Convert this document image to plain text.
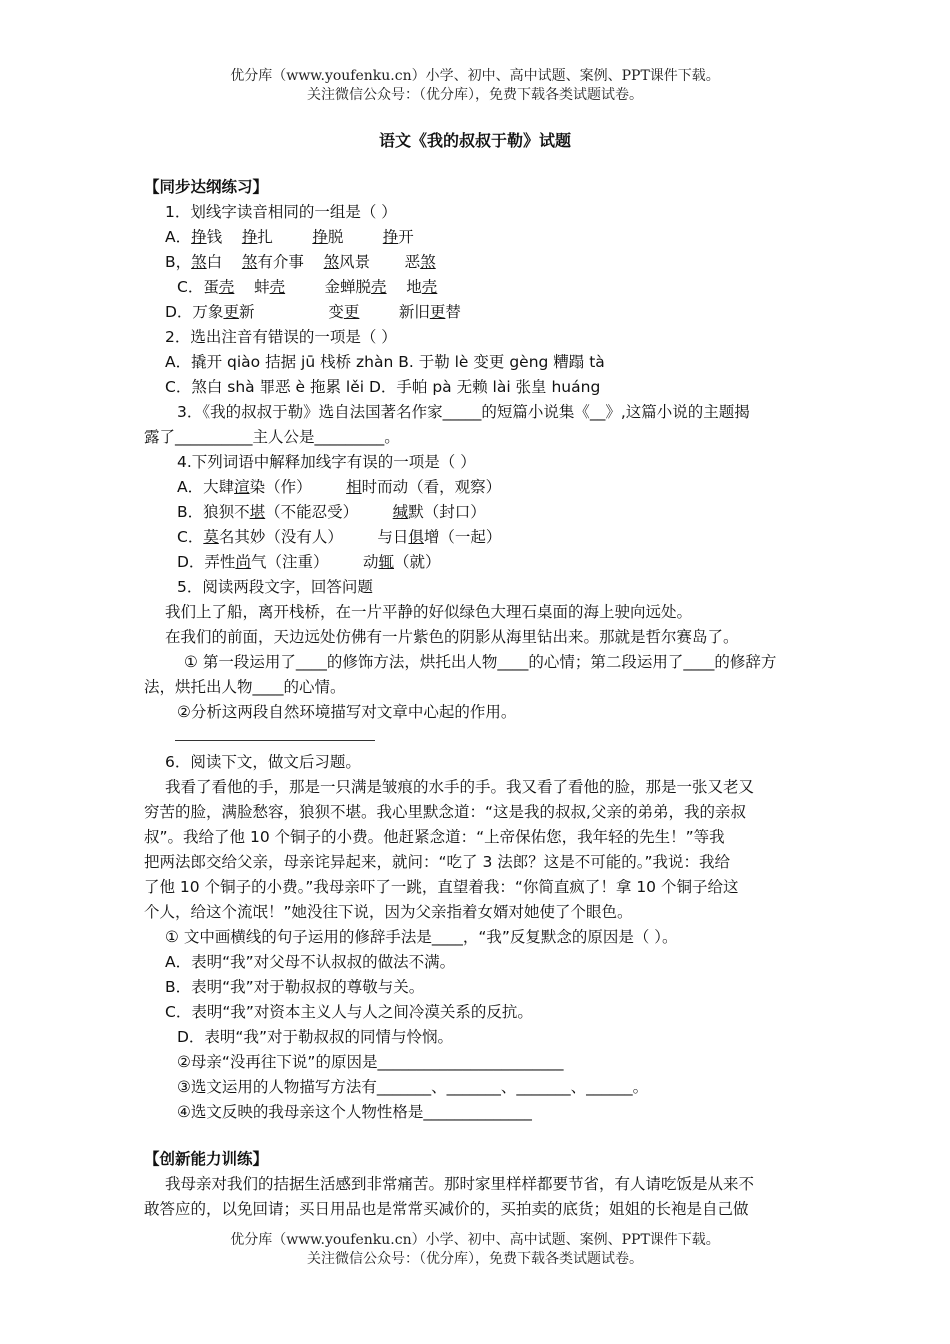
优分库（www.youfenku.cn）小学、初中、高中试题、案例、PPT课件下载。
关注微信公众号：（优分库），免费下载各类试题试卷。
语文《我的叔叔于勒》试题
【同步达纲练习】
1．划线字读音相同的一组是（ ）
A．挣钱 挣扎	挣脱	挣开
B，煞白 煞有介事 煞风景 恶煞
C．蛋壳 蚌壳	金蝉脱壳 地壳
D．万象更新	变更	新旧更替
2．选出注音有错误的一项是（ ）
A．撬开 qiào 拮据 jū 栈桥 zhàn B. 于勒 lè 变更 gèng 糟蹋 tà
C．煞白 shà 罪恶 è 拖累 lěi D．手帕 pà 无赖 lài 张皇 huáng
3．《我的叔叔于勒》选自法国著名作家_____的短篇小说集《__》,这篇小说的主题揭
露了__________主人公是_________。
4.下列词语中解释加线字有误的一项是（ ）
A．大肆渲染（作） 相时而动（看，观察）
B．狼狈不堪（不能忍受） 缄默（封口）
C．莫名其妙（没有人） 与日俱增（一起）
D．弄性尚气（注重） 动辄（就）
5．阅读两段文字，回答问题
我们上了船，离开栈桥，在一片平静的好似绿色大理石桌面的海上驶向远处。
在我们的前面，天边远处仿佛有一片紫色的阴影从海里钻出来。那就是哲尔赛岛了。
① 第一段运用了____的修饰方法，烘托出人物____的心情；第二段运用了____的修辞方
法，烘托出人物____的心情。
②分析这两段自然环境描写对文章中心起的作用。
6．阅读下文，做文后习题。
我看了看他的手，那是一只满是皱痕的水手的手。我又看了看他的脸，那是一张又老又
穷苦的脸，满脸愁容，狼狈不堪。我心里默念道：“这是我的叔叔,父亲的弟弟，我的亲叔
叔”。我给了他 10 个铜子的小费。他赶紧念道：“上帝保佑您，我年轻的先生！”等我
把两法郎交给父亲，母亲诧异起来，就问：“吃了 3 法郎？这是不可能的。”我说：我给
了他 10 个铜子的小费。”我母亲吓了一跳，直望着我：“你简直疯了！拿 10 个铜子给这
个人，给这个流氓！”她没往下说，因为父亲指着女婿对她使了个眼色。
① 文中画横线的句子运用的修辞手法是____，“我”反复默念的原因是（ ）。
A．表明“我”对父母不认叔叔的做法不满。
B．表明“我”对于勒叔叔的尊敬与关。
C．表明“我”对资本主义人与人之间冷漠关系的反抗。
D．表明“我”对于勒叔叔的同情与怜悯。
②母亲“没再往下说”的原因是________________________
③选文运用的人物描写方法有_______、_______、_______、______。
④选文反映的我母亲这个人物性格是______________
【创新能力训练】
我母亲对我们的拮据生活感到非常痛苦。那时家里样样都要节省，有人请吃饭是从来不
敢答应的，以免回请；买日用品也是常常买减价的，买拍卖的底货；姐姐的长袍是自己做
优分库（www.youfenku.cn）小学、初中、高中试题、案例、PPT课件下载。
关注微信公众号：（优分库），免费下载各类试题试卷。
